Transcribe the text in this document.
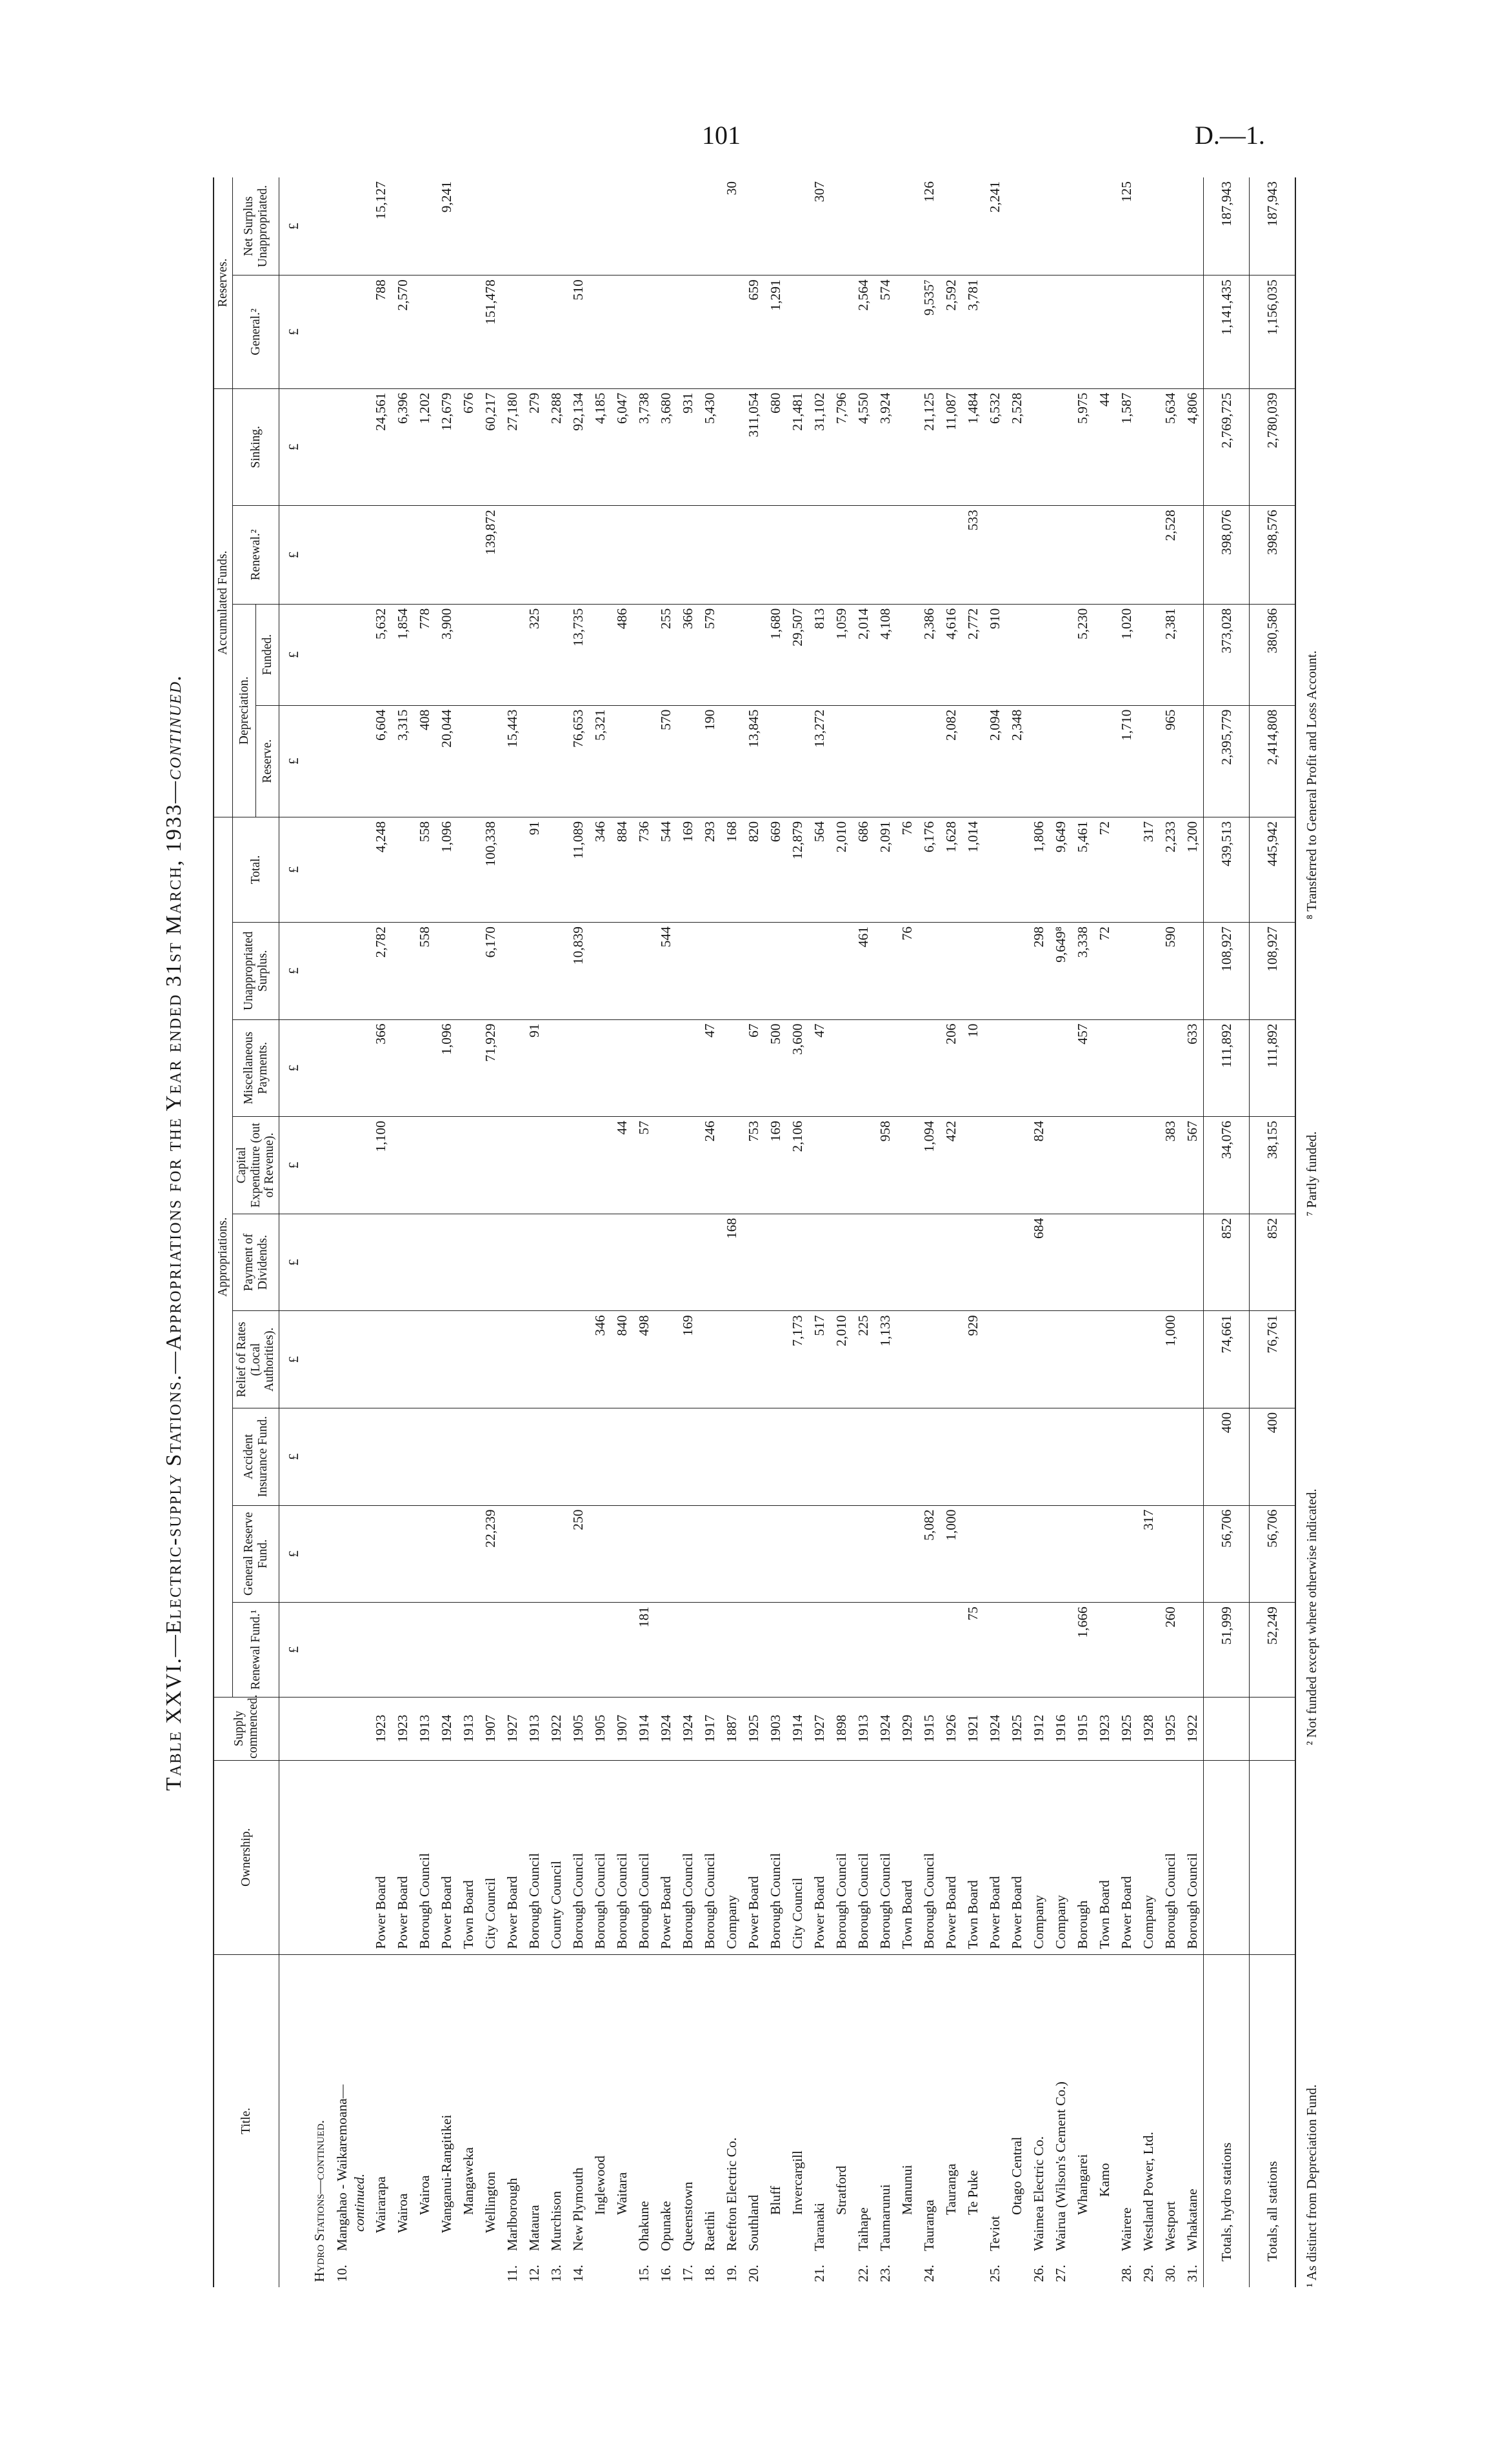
101	D.—1.
Table XXVI.—Electric-supply Stations.—Appropriations for the Year ended 31st March, 1933—continued.
Title.	Ownership.	Supply commenced.	Appropriations.									Accumulated Funds.				Reserves.	
			Renewal Fund.¹	General Reserve Fund.	Accident Insurance Fund.	Relief of Rates (Local Authorities).	Payment of Dividends.	Capital Expenditure (out of Revenue).	Miscellaneous Payments.	Unappropriated Surplus.	Total.	Depreciation.		Renewal.²	Sinking.	General.²	Net Surplus Unappropriated.
												Reserve.	Funded.				
			£	£	£	£	£	£	£	£	£	£	£	£	£	£	£
Hydro Stations—continued.																	
10.Mangahao - Waikaremoana— continued.																	

Wairarapa	Power Board	1923						1,100	366	2,782	4,248	6,604	5,632		24,561	788	15,127
Wairoa	Power Board	1923										3,315	1,854		6,396	2,570	
Wairoa	Borough Council	1913								558	558	408	778		1,202		
Wanganui-Rangitikei	Power Board	1924							1,096		1,096	20,044	3,900		12,679		9,241
Mangaweka	Town Board	1913													676		
Wellington	City Council	1907		22,239					71,929	6,170	100,338			139,872	60,217	151,478	
11.Marlborough	Power Board	1927										15,443			27,180		
12.Mataura	Borough Council	1913							91		91		325		279		
13.Murchison	County Council	1922													2,288		
14.New Plymouth	Borough Council	1905		250						10,839	11,089	76,653	13,735		92,134	510	
Inglewood	Borough Council	1905				346					346	5,321			4,185		
Waitara	Borough Council	1907				840		44			884		486		6,047		
15.Ohakune	Borough Council	1914	181			498		57			736				3,738		
16.Opunake	Power Board	1924								544	544	570	255		3,680		
17.Queenstown	Borough Council	1924				169					169		366		931		
18.Raetihi	Borough Council	1917						246	47		293	190	579		5,430		
19.Reefton Electric Co.	Company	1887					168				168						30
20.Southland	Power Board	1925						753	67		820	13,845			311,054	659	
Bluff	Borough Council	1903						169	500		669		1,680		680	1,291	
Invercargill	City Council	1914				7,173		2,106	3,600		12,879		29,507		21,481		
21.Taranaki	Power Board	1927				517			47		564	13,272	813		31,102		307
Stratford	Borough Council	1898				2,010					2,010		1,059		7,796		
22.Taihape	Borough Council	1913				225				461	686		2,014		4,550	2,564	
23.Taumarunui	Borough Council	1924				1,133		958			2,091		4,108		3,924	574	
Manunui	Town Board	1929								76	76						
24.Tauranga	Borough Council	1915		5,082				1,094			6,176		2,386		21,125	9,535⁷	126
Tauranga	Power Board	1926		1,000				422	206		1,628	2,082	4,616		11,087	2,592	
Te Puke	Town Board	1921	75			929			10		1,014		2,772	533	1,484	3,781	
25.Teviot	Power Board	1924										2,094	910		6,532		2,241
Otago Central	Power Board	1925										2,348			2,528		
26.Waimea Electric Co.	Company	1912					684	824		298	1,806						
27.Wairua (Wilson's Cement Co.)	Company	1916								9,649⁸	9,649						
Whangarei	Borough	1915	1,666						457	3,338	5,461		5,230		5,975		
Kamo	Town Board	1923								72	72				44		
28.Wairere	Power Board	1925										1,710	1,020		1,587		125
29.Westland Power, Ltd.	Company	1928		317							317						
30.Westport	Borough Council	1925	260			1,000		383		590	2,233	965	2,381	2,528	5,634		
31.Whakatane	Borough Council	1922						567	633		1,200				4,806		
Totals, hydro stations			51,999	56,706	400	74,661	852	34,076	111,892	108,927	439,513	2,395,779	373,028	398,076	2,769,725	1,141,435	187,943
Totals, all stations			52,249	56,706	400	76,761	852	38,155	111,892	108,927	445,942	2,414,808	380,586	398,576	2,780,039	1,156,035	187,943
¹ As distinct from Depreciation Fund.
² Not funded except where otherwise indicated.
⁷ Partly funded.
⁸ Transferred to General Profit and Loss Account.
